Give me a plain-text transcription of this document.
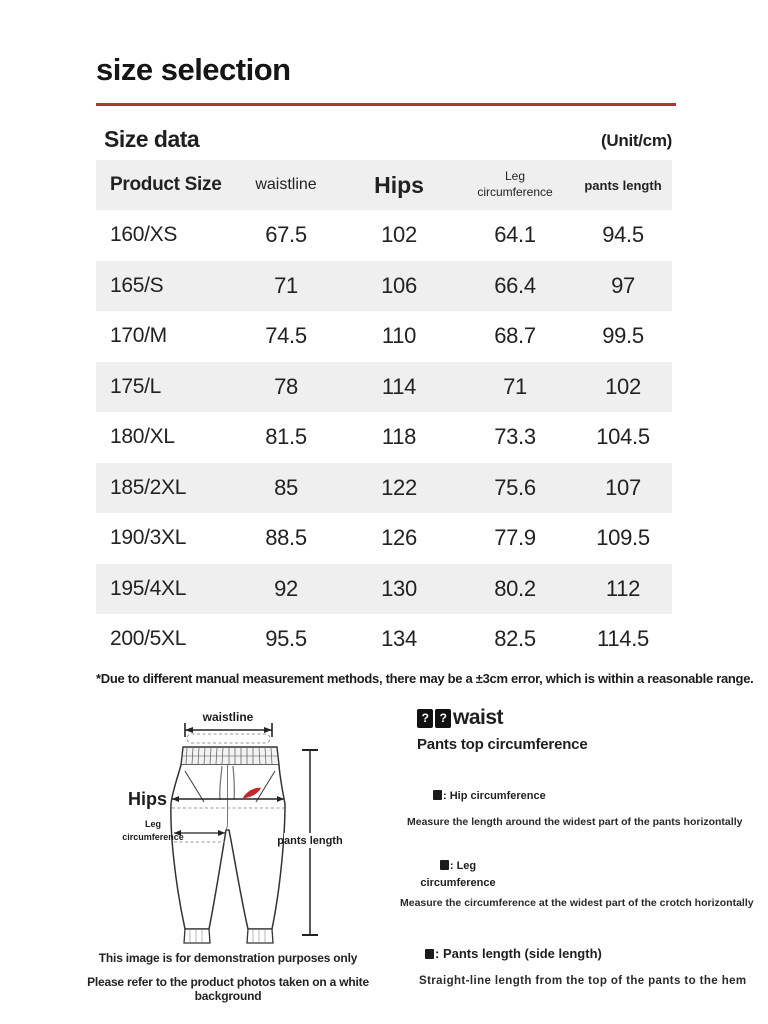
size selection
Size data	(Unit/cm)
Product Size	waistline	Hips	Leg circumference	pants length
160/XS	67.5	102	64.1	94.5
165/S	71	106	66.4	97
170/M	74.5	110	68.7	99.5
175/L	78	114	71	102
180/XL	81.5	118	73.3	104.5
185/2XL	85	122	75.6	107
190/3XL	88.5	126	77.9	109.5
195/4XL	92	130	80.2	112
200/5XL	95.5	134	82.5	114.5

*Due to different manual measurement methods, there may be a ±3cm error, which is within a reasonable range.

waistline
Hips
Leg
circumference	pants length

This image is for demonstration purposes only

Please refer to the product photos taken on a white background

? ? waist
Pants top circumference
: Hip circumference
Measure the length around the widest part of the pants horizontally
: Leg
circumference
Measure the circumference at the widest part of the crotch horizontally
: Pants length (side length)
Straight-line length from the top of the pants to the hem
